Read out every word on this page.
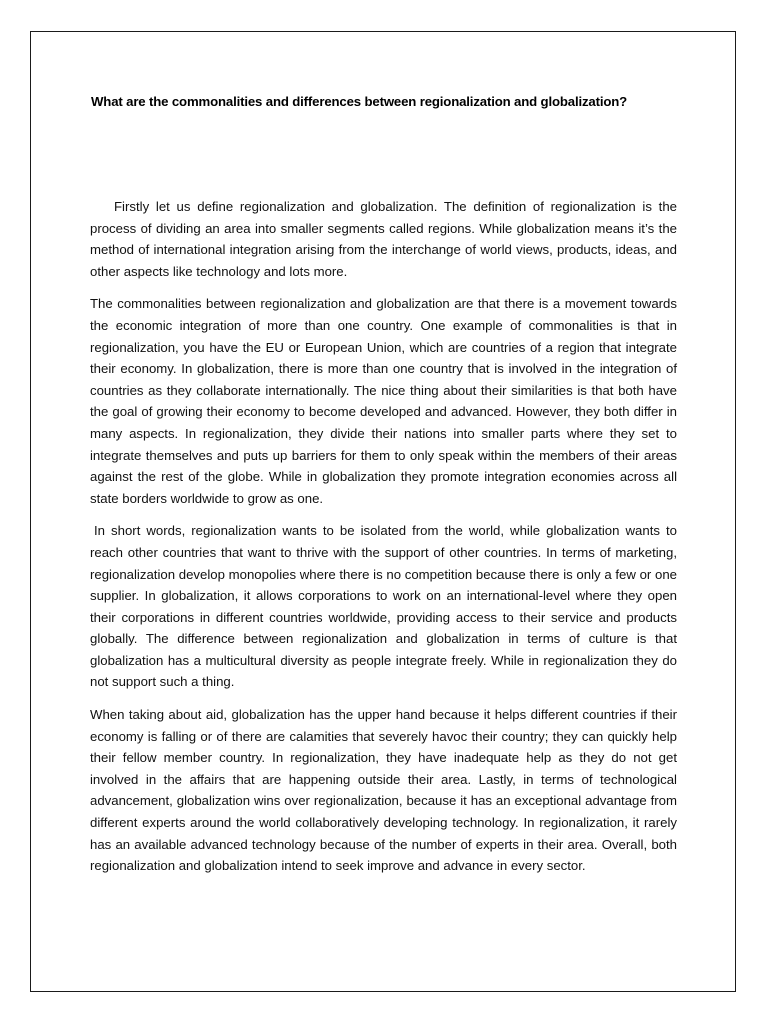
What are the commonalities and differences between regionalization and globalization?

Firstly let us define regionalization and globalization. The definition of regionalization is the process of dividing an area into smaller segments called regions. While globalization means it’s the method of international integration arising from the interchange of world views, products, ideas, and other aspects like technology and lots more.

The commonalities between regionalization and globalization are that there is a movement towards the economic integration of more than one country. One example of commonalities is that in regionalization, you have the EU or European Union, which are countries of a region that integrate their economy. In globalization, there is more than one country that is involved in the integration of countries as they collaborate internationally. The nice thing about their similarities is that both have the goal of growing their economy to become developed and advanced. However, they both differ in many aspects. In regionalization, they divide their nations into smaller parts where they set to integrate themselves and puts up barriers for them to only speak within the members of their areas against the rest of the globe. While in globalization they promote integration economies across all state borders worldwide to grow as one.

In short words, regionalization wants to be isolated from the world, while globalization wants to reach other countries that want to thrive with the support of other countries. In terms of marketing, regionalization develop monopolies where there is no competition because there is only a few or one supplier. In globalization, it allows corporations to work on an international-level where they open their corporations in different countries worldwide, providing access to their service and products globally. The difference between regionalization and globalization in terms of culture is that globalization has a multicultural diversity as people integrate freely. While in regionalization they do not support such a thing.

When taking about aid, globalization has the upper hand because it helps different countries if their economy is falling or of there are calamities that severely havoc their country; they can quickly help their fellow member country. In regionalization, they have inadequate help as they do not get involved in the affairs that are happening outside their area. Lastly, in terms of technological advancement, globalization wins over regionalization, because it has an exceptional advantage from different experts around the world collaboratively developing technology. In regionalization, it rarely has an available advanced technology because of the number of experts in their area. Overall, both regionalization and globalization intend to seek improve and advance in every sector.
